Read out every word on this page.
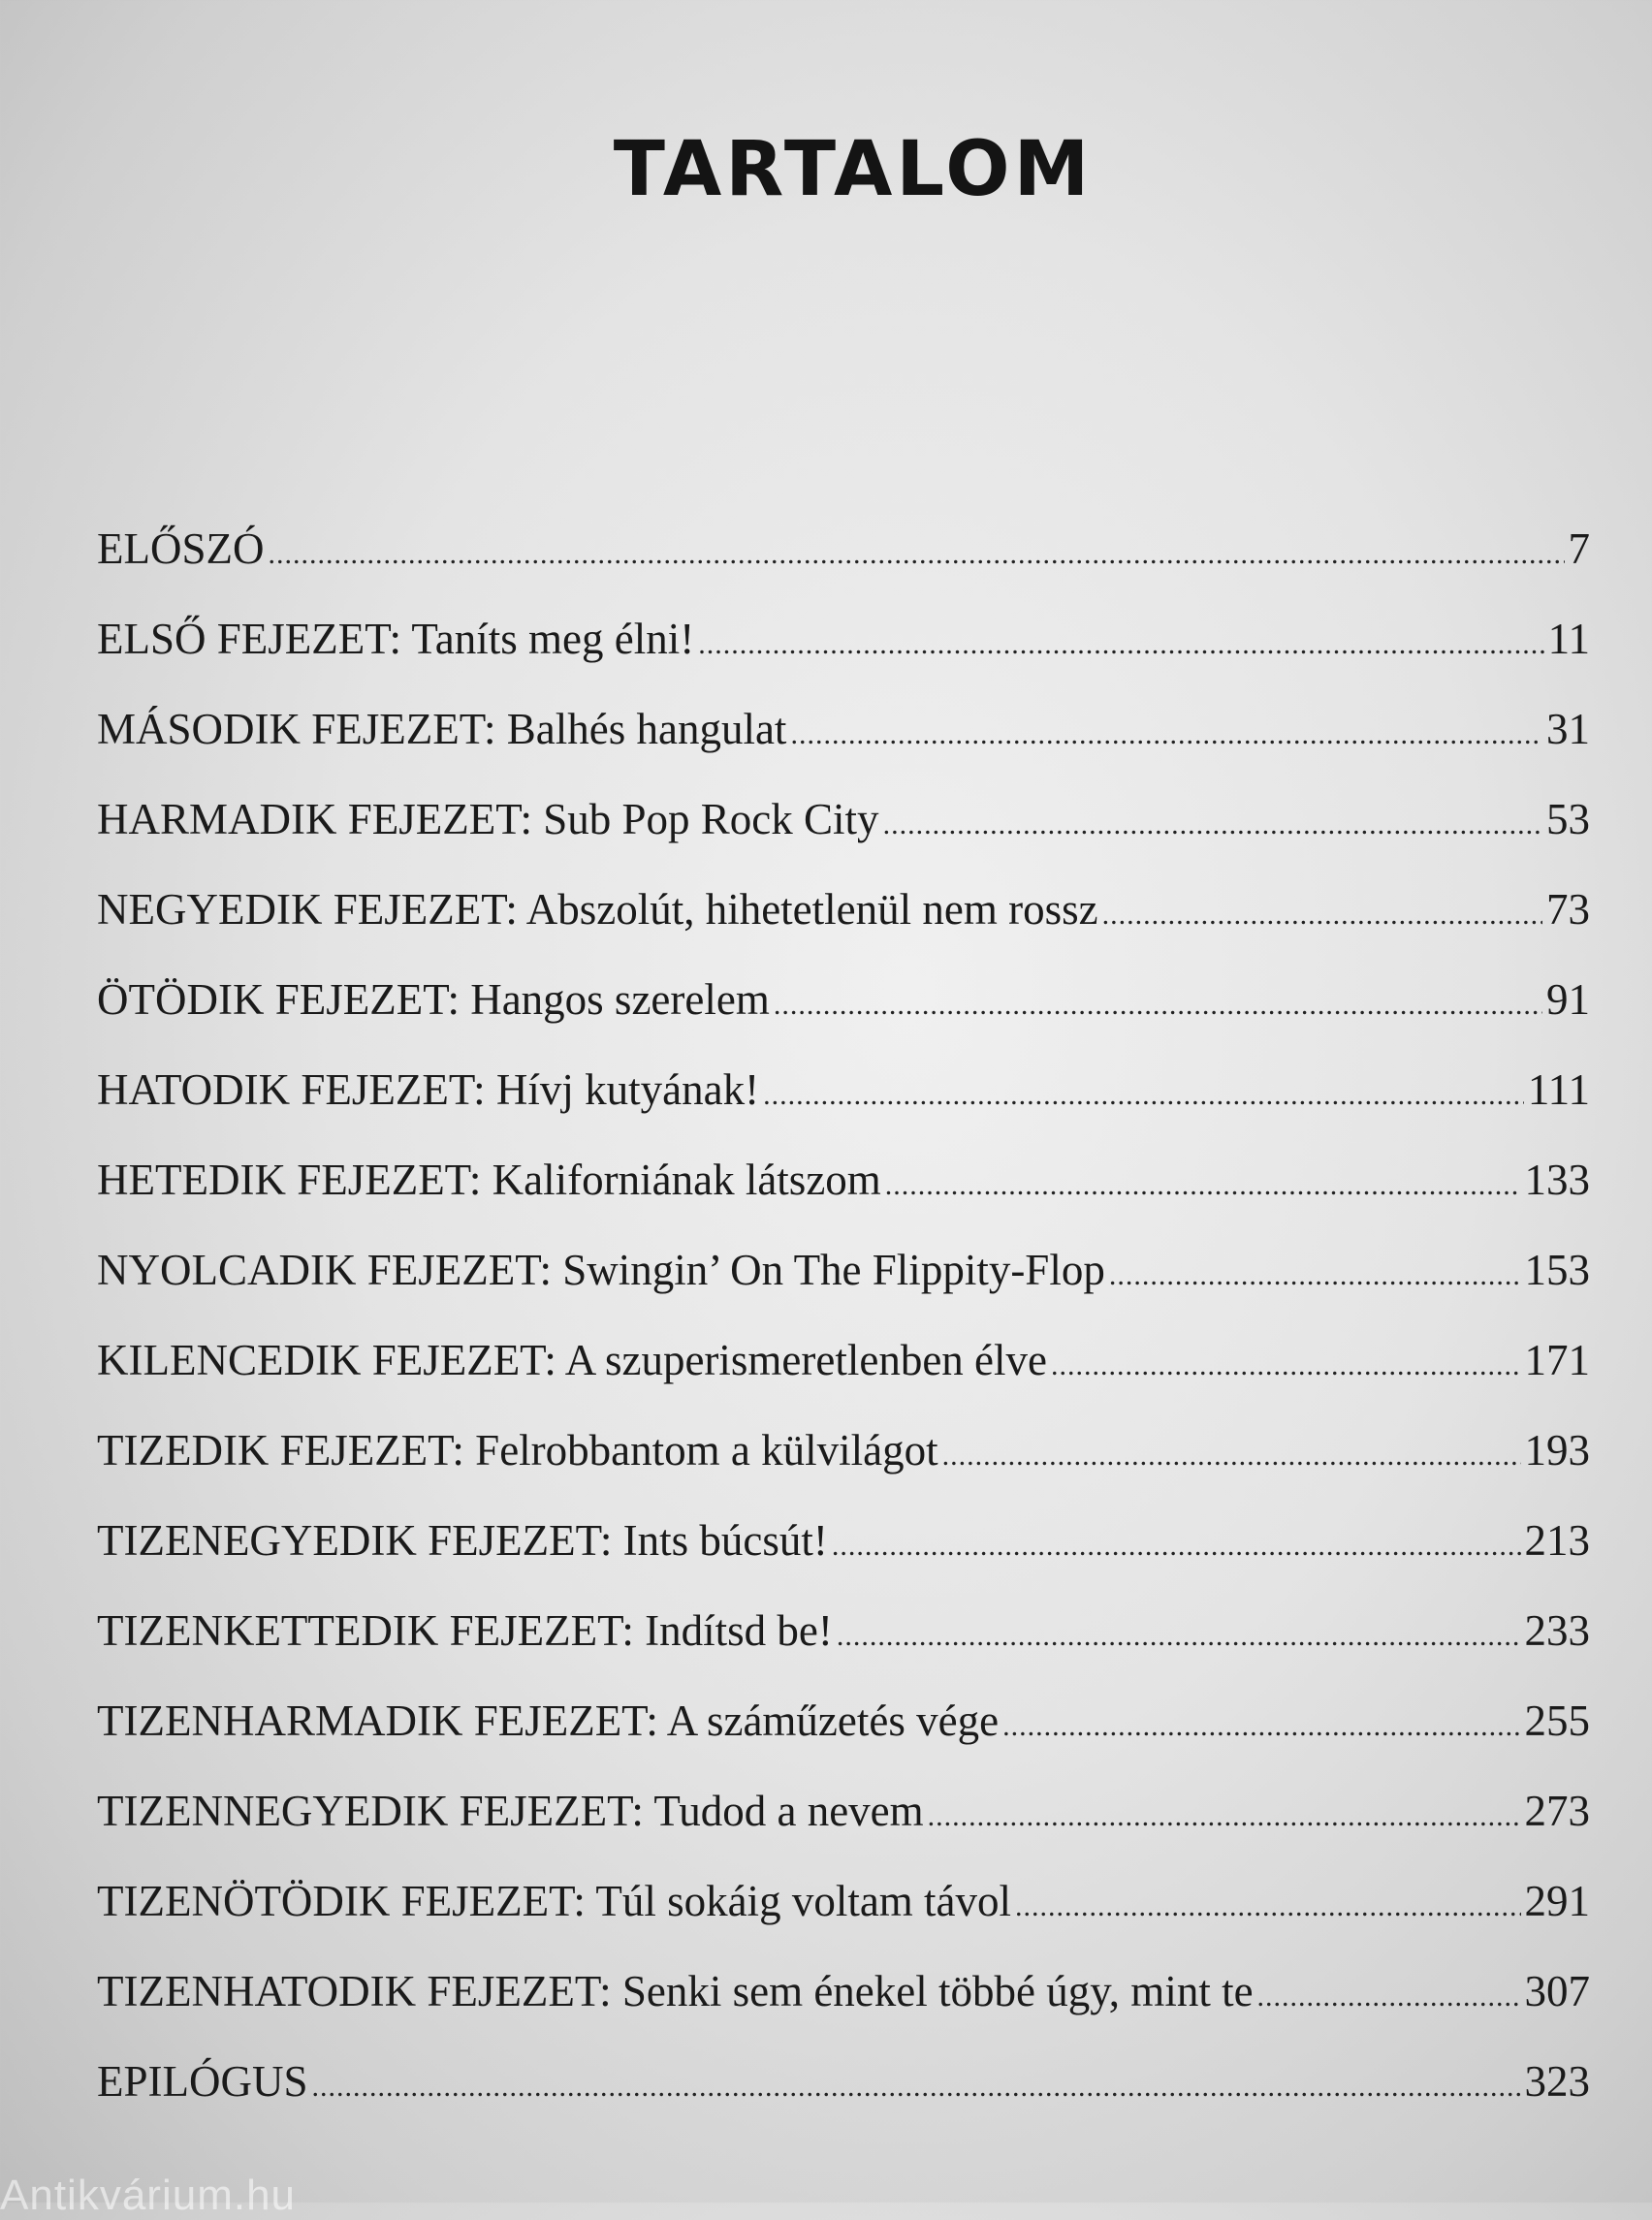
TARTALOM
ELŐSZÓ .....	7
ELSŐ FEJEZET: Taníts meg élni! .....	11
MÁSODIK FEJEZET: Balhés hangulat .....	31
HARMADIK FEJEZET: Sub Pop Rock City .....	53
NEGYEDIK FEJEZET: Abszolút, hihetetlenül nem rossz .....	73
ÖTÖDIK FEJEZET: Hangos szerelem .....	91
HATODIK FEJEZET: Hívj kutyának! .....	111
HETEDIK FEJEZET: Kaliforniának látszom .....	133
NYOLCADIK FEJEZET: Swingin’ On The Flippity-Flop .....	153
KILENCEDIK FEJEZET: A szuperismeretlenben élve .....	171
TIZEDIK FEJEZET: Felrobbantom a külvilágot .....	193
TIZENEGYEDIK FEJEZET: Ints búcsút! .....	213
TIZENKETTEDIK FEJEZET: Indítsd be! .....	233
TIZENHARMADIK FEJEZET: A száműzetés vége .....	255
TIZENNEGYEDIK FEJEZET: Tudod a nevem .....	273
TIZENÖTÖDIK FEJEZET: Túl sokáig voltam távol .....	291
TIZENHATODIK FEJEZET: Senki sem énekel többé úgy, mint te .....	307
EPILÓGUS .....	323
Antikvárium.hu
